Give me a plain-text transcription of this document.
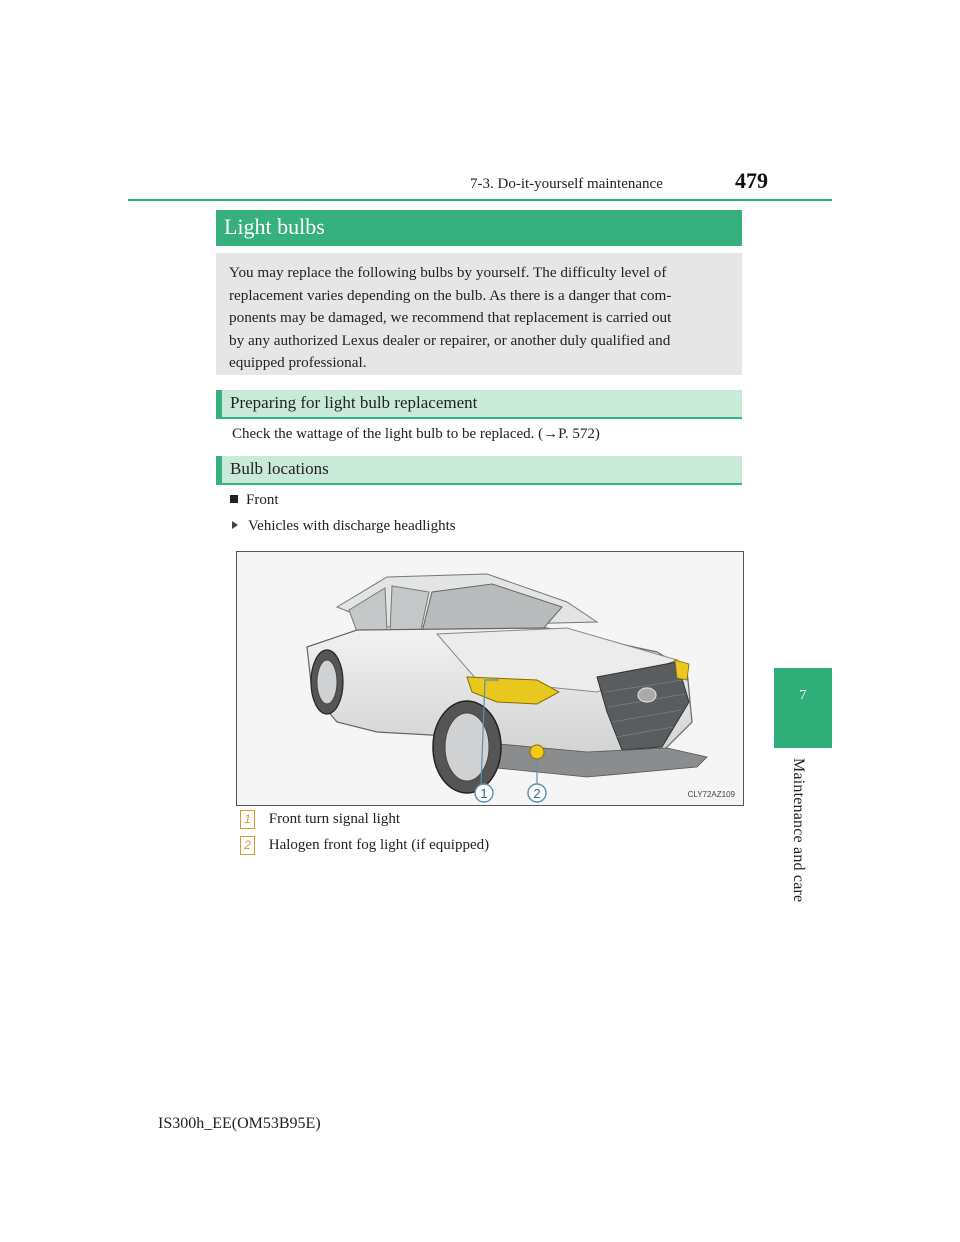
7-3. Do-it-yourself maintenance	479
7
Maintenance and care
Light bulbs
You may replace the following bulbs by yourself. The difficulty level of
replacement varies depending on the bulb. As there is a danger that com-
ponents may be damaged, we recommend that replacement is carried out
by any authorized Lexus dealer or repairer, or another duly qualified and
equipped professional.
Preparing for light bulb replacement
Check the wattage of the light bulb to be replaced. (→P. 572)
Bulb locations
Front
Vehicles with discharge headlights
1	2	CLY72AZ109
1 Front turn signal light
2 Halogen front fog light (if equipped)
IS300h_EE(OM53B95E)
